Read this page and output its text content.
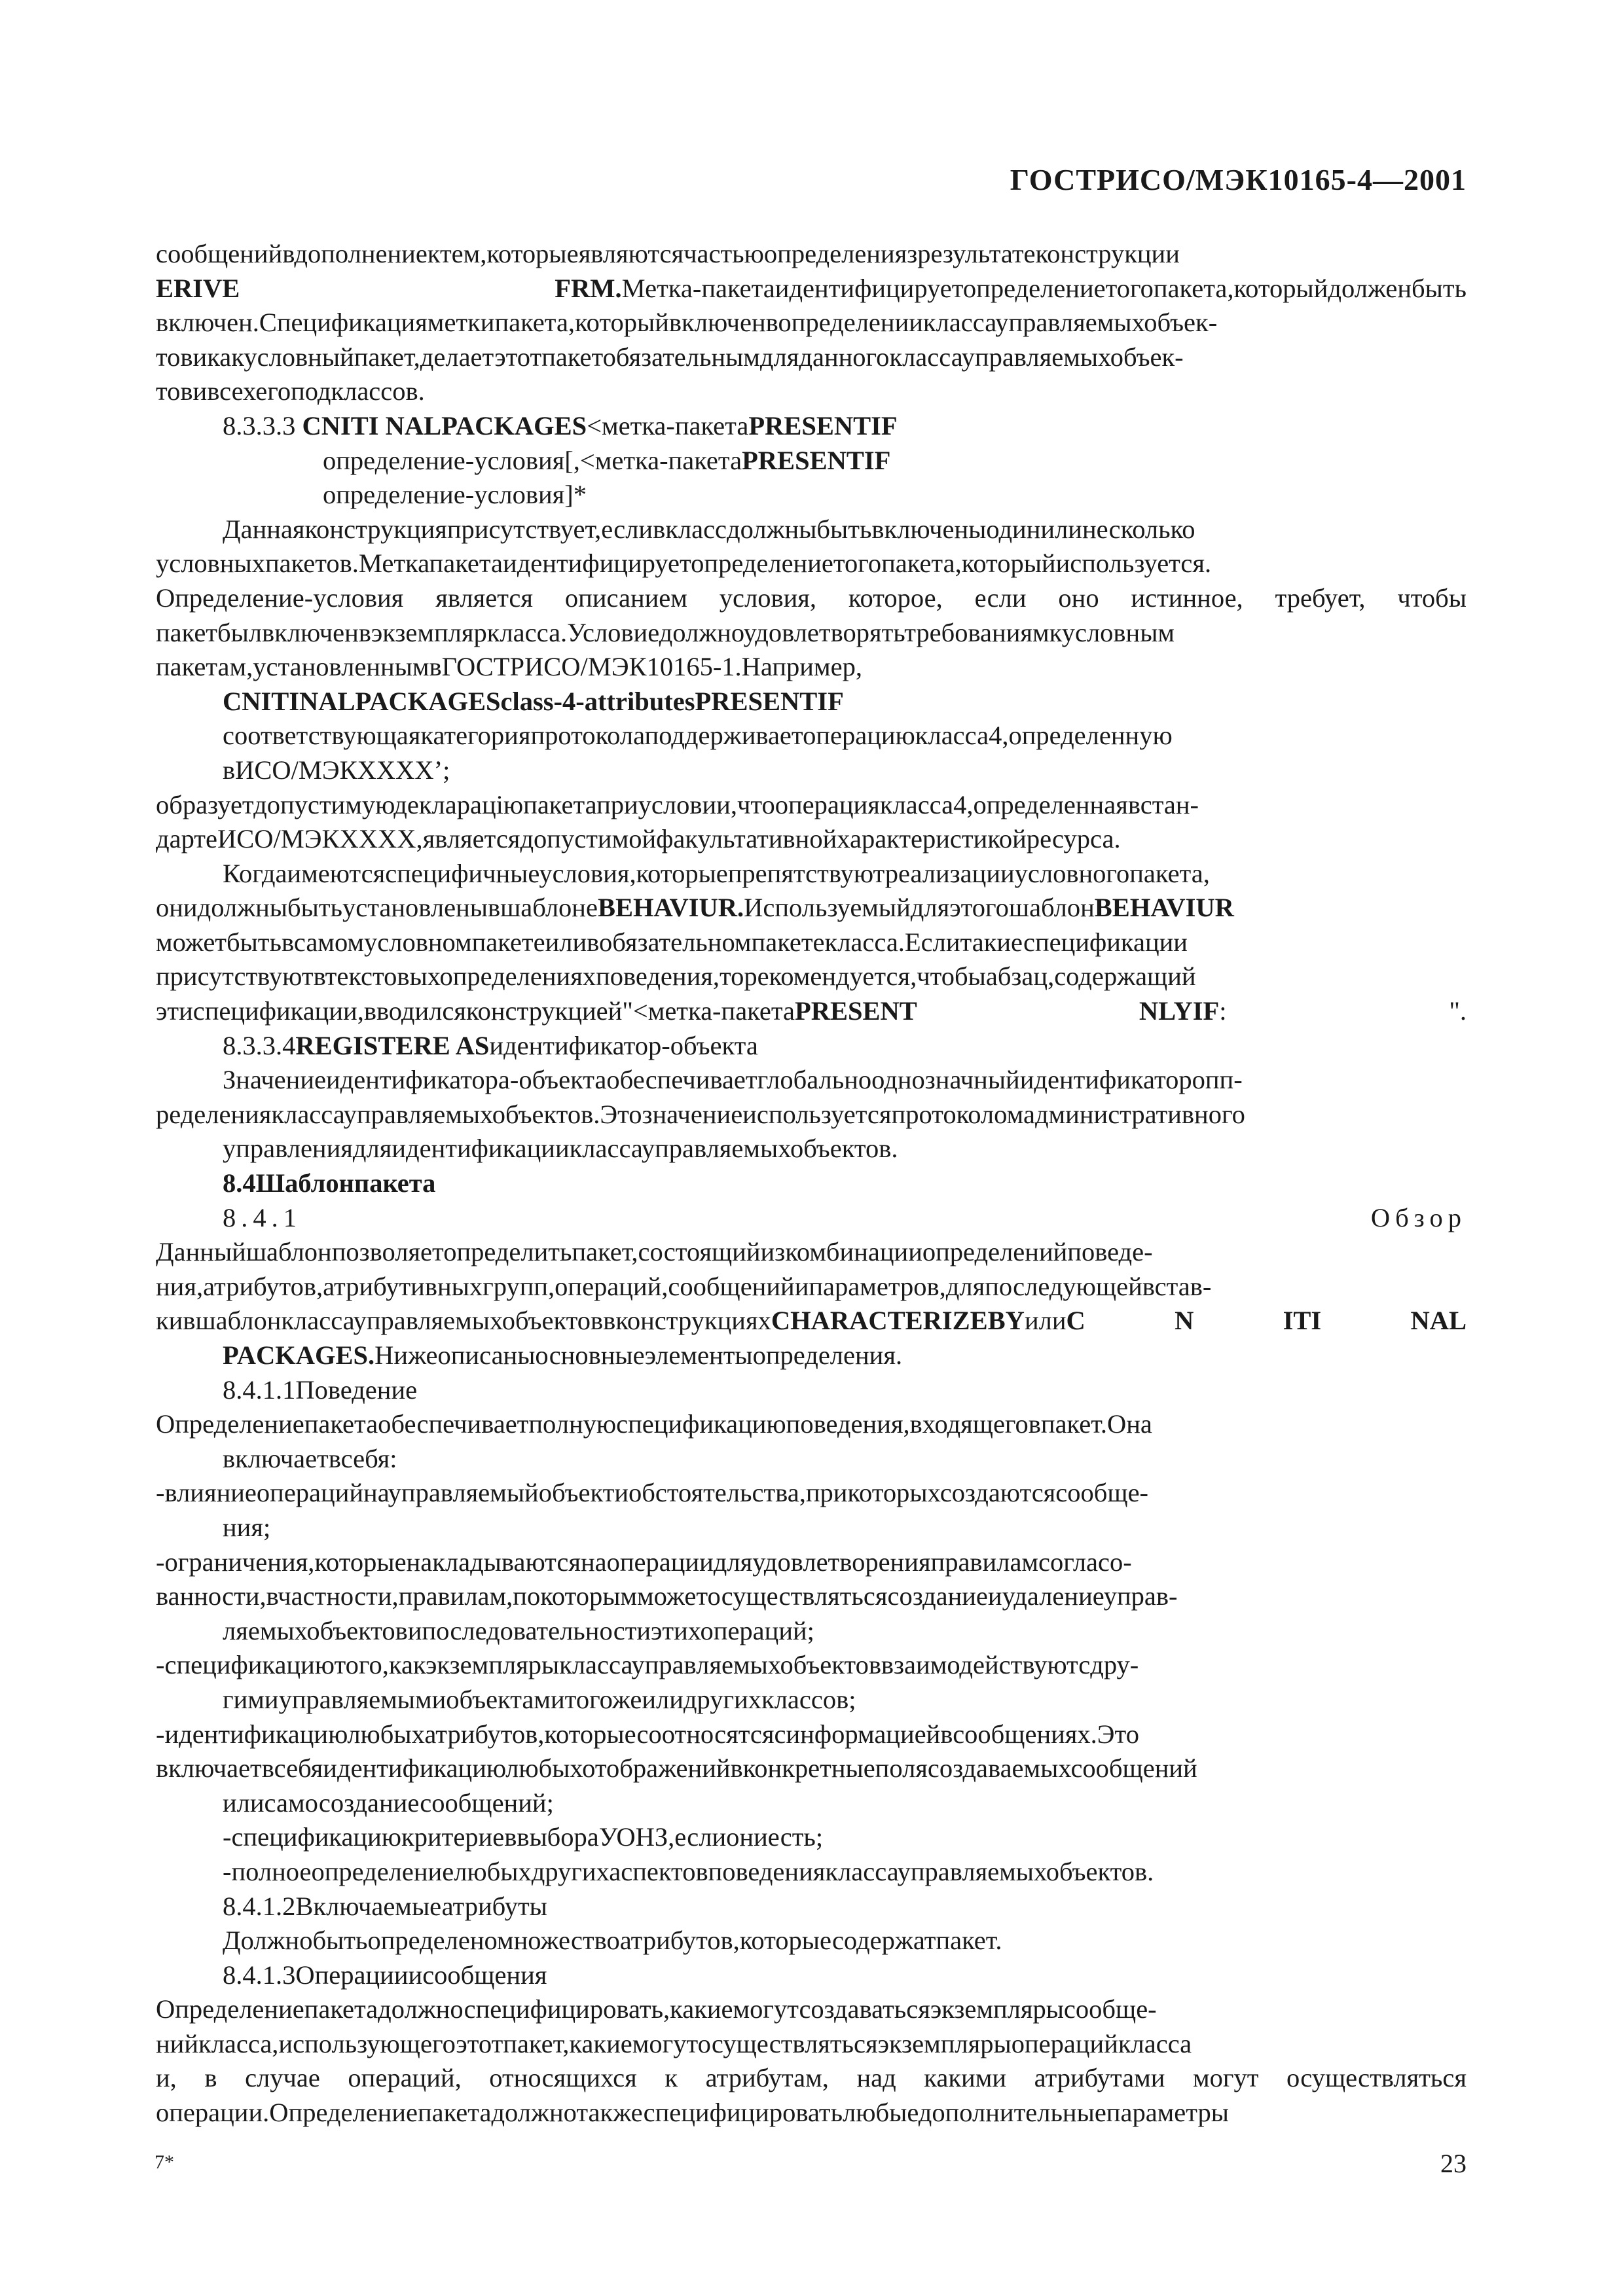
ГОСТРИСО/МЭК10165-4—2001
сообщенийвдополнениектем,которыеявляютсячастьюопределениязрезультатеконструкции
ERIVE FRM.Метка-пакетаидентифицируетопределениетогопакета,которыйдолженбыть
включен.Спецификацияметкипакета,которыйвключенвопределенииклассауправляемыхобъек-
товикакусловныйпакет,делаетэтотпакетобязательнымдляданногоклассауправляемыхобъек-
товивсехегоподклассов.
8.3.3.3 CNITI NALPACKAGES<метка-пакетаPRESENTIF
определение-условия[,<метка-пакетаPRESENTIF
определение-условия]*
Даннаяконструкцияприсутствует,есливклассдолжныбытьвключеныодинилинесколько
условныхпакетов.Меткапакетаидентифицируетопределениетогопакета,которыйиспользуется.
Определение-условия является описанием условия, которое, если оно истинное, требует, чтобы
пакетбылвключенвэкземпляркласса.Условиедолжноудовлетворятьтребованиямкусловным
пакетам,установленнымвГОСТРИСО/МЭК10165-1.Например,
CNITINALPACKAGESclass-4-attributesPRESENTIF
соответствующаякатегорияпротоколаподдерживаетоперациюкласса4,определенную
вИСО/МЭКXXXX’;
образуетдопустимуюдеклараціюпакетаприусловии,чтооперациякласса4,определеннаявстан-
дартеИСО/МЭКXXXX,являетсядопустимойфакультативнойхарактеристикойресурса.
Когдаимеютсяспецифичныеусловия,которыепрепятствуютреализацииусловногопакета,
онидолжныбытьустановленывшаблонеBEHAVIUR.ИспользуемыйдляэтогошаблонBEHAVIUR
можетбытьвсамомусловномпакетеиливобязательномпакетекласса.Еслитакиеспецификации
присутствуютвтекстовыхопределенияхповедения,торекомендуется,чтобыабзац,содержащий
этиспецификации,вводилсяконструкцией"<метка-пакетаPRESENT NLYIF: ".
8.3.3.4REGISTERE ASидентификатор-объекта
Значениеидентификатора-объектаобеспечиваетглобальнооднозначныйидентификаторопп-
ределенияклассауправляемыхобъектов.Этозначениеиспользуетсяпротоколомадминистративного
управлениядляидентификацииклассауправляемыхобъектов.
8.4Шаблонпакета
8.4.1 Обзор
Данныйшаблонпозволяетопределитьпакет,состоящийизкомбинацииопределенийповеде-
ния,атрибутов,атрибутивныхгрупп,операций,сообщенийипараметров,дляпоследующейвстав-
кившаблонклассауправляемыхобъектоввконструкцияхCHARACTERIZEBYилиC N ITI NAL
PACKAGES.Нижеописаныосновныеэлементыопределения.
8.4.1.1Поведение
Определениепакетаобеспечиваетполнуюспецификациюповедения,входящеговпакет.Она
включаетвсебя:
-влияниеоперацийнауправляемыйобъектиобстоятельства,прикоторыхсоздаютсясообще-
ния;
-ограничения,которыенакладываютсянаоперациидляудовлетворенияправиламсогласо-
ванности,вчастности,правилам,покоторымможетосуществлятьсясозданиеиудалениеуправ-
ляемыхобъектовипоследовательностиэтихопераций;
-спецификациютого,какэкземплярыклассауправляемыхобъектоввзаимодействуютсдру-
гимиуправляемымиобъектамитогожеилидругихклассов;
-идентификациюлюбыхатрибутов,которыесоотносятсясинформациейвсообщениях.Это
включаетвсебяидентификациюлюбыхотображенийвконкретныеполясоздаваемыхсообщений
илисамосозданиесообщений;
-спецификациюкритериеввыбораУОНЗ,еслиониесть;
-полноеопределениелюбыхдругихаспектовповеденияклассауправляемыхобъектов.
8.4.1.2Включаемыеатрибуты
Должнобытьопределеномножествоатрибутов,которыесодержатпакет.
8.4.1.3Операцииисообщения
Определениепакетадолжноспецифицировать,какиемогутсоздаватьсяэкземплярысообще-
нийкласса,использующегоэтотпакет,какиемогутосуществлятьсяэкземплярыоперацийкласса
и, в случае операций, относящихся к атрибутам, над какими атрибутами могут осуществляться
операции.Определениепакетадолжнотакжеспецифицироватьлюбыедополнительныепараметры
7*	23
